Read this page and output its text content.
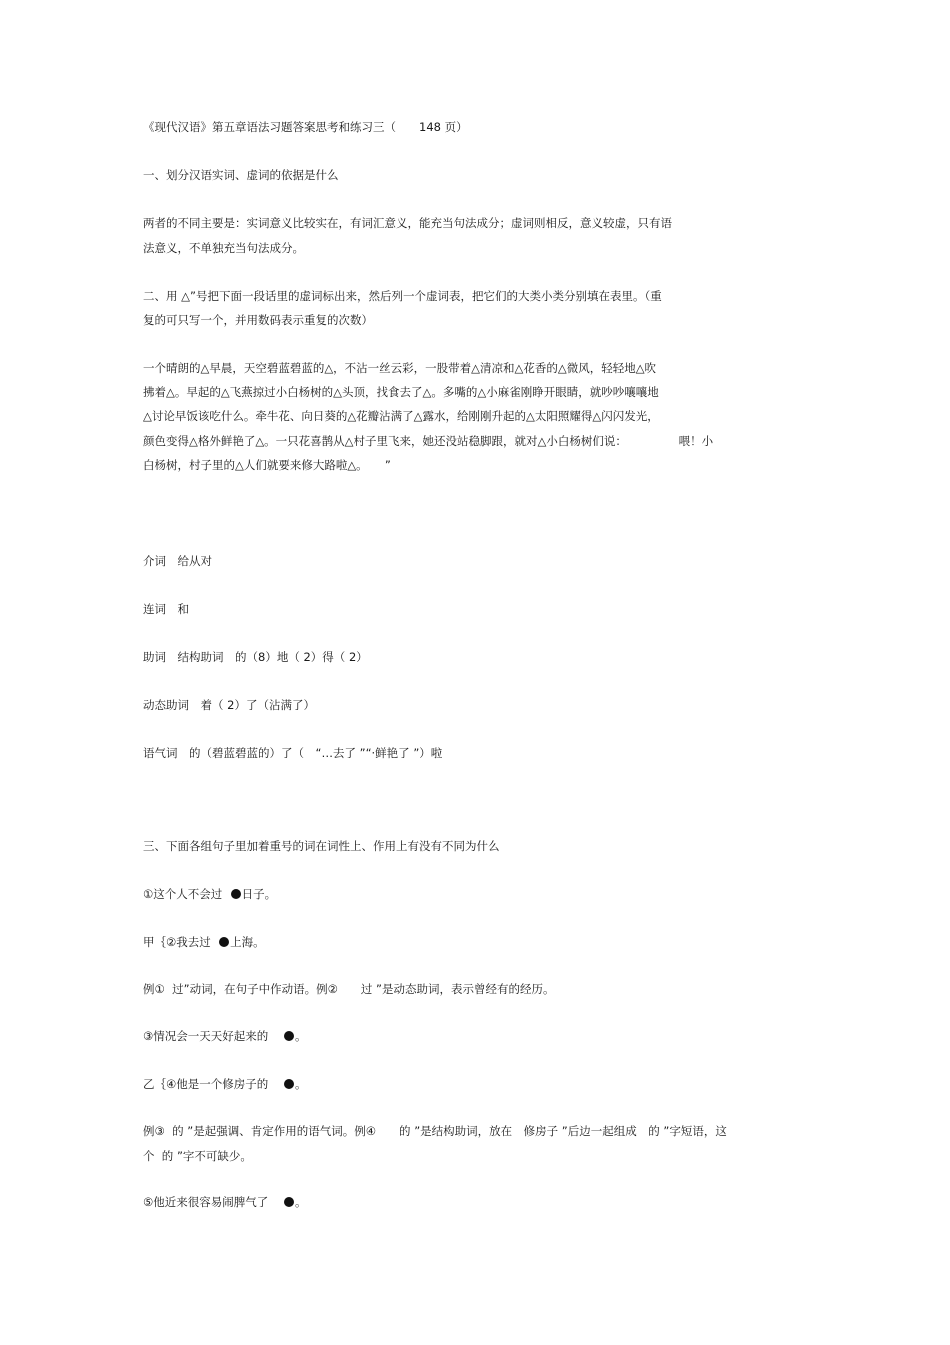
《现代汉语》第五章语法习题答案思考和练习三（　　148 页）
一、划分汉语实词、虚词的依据是什么
两者的不同主要是：实词意义比较实在，有词汇意义，能充当句法成分；虚词则相反，意义较虚，只有语
法意义，不单独充当句法成分。
二、用 △”号把下面一段话里的虚词标出来，然后列一个虚词表，把它们的大类小类分别填在表里。（重
复的可只写一个，并用数码表示重复的次数）
一个晴朗的△早晨，天空碧蓝碧蓝的△，不沾一丝云彩，一股带着△清凉和△花香的△微风，轻轻地△吹
拂着△。早起的△飞燕掠过小白杨树的△头顶，找食去了△。多嘴的△小麻雀刚睁开眼睛，就吵吵嚷嚷地
△讨论早饭该吃什么。牵牛花、向日葵的△花瓣沾满了△露水，给刚刚升起的△太阳照耀得△闪闪发光，
颜色变得△格外鲜艳了△。一只花喜鹊从△村子里飞来，她还没站稳脚跟，就对△小白杨树们说：　　　　　喂！小
白杨树，村子里的△人们就要来修大路啦△。　　”
介词　给从对
连词　和
助词　结构助词　的（8）地（ 2）得（ 2）
动态助词　着（ 2）了（沾满了）
语气词　的（碧蓝碧蓝的）了（　“…去了 ”“·鲜艳了 ”）啦
三、下面各组句子里加着重号的词在词性上、作用上有没有不同为什么
①这个人不会过 日子。
甲｛②我去过 上海。
例①  过”动词，在句子中作动语。例②　　过 ”是动态助词，表示曾经有的经历。
③情况会一天天好起来的 。
乙｛④他是一个修房子的 。
例③  的 ”是起强调、肯定作用的语气词。例④　　的 ”是结构助词，放在　修房子 ”后边一起组成　的 ”字短语，这
个  的 ”字不可缺少。
⑤他近来很容易闹脾气了 。
